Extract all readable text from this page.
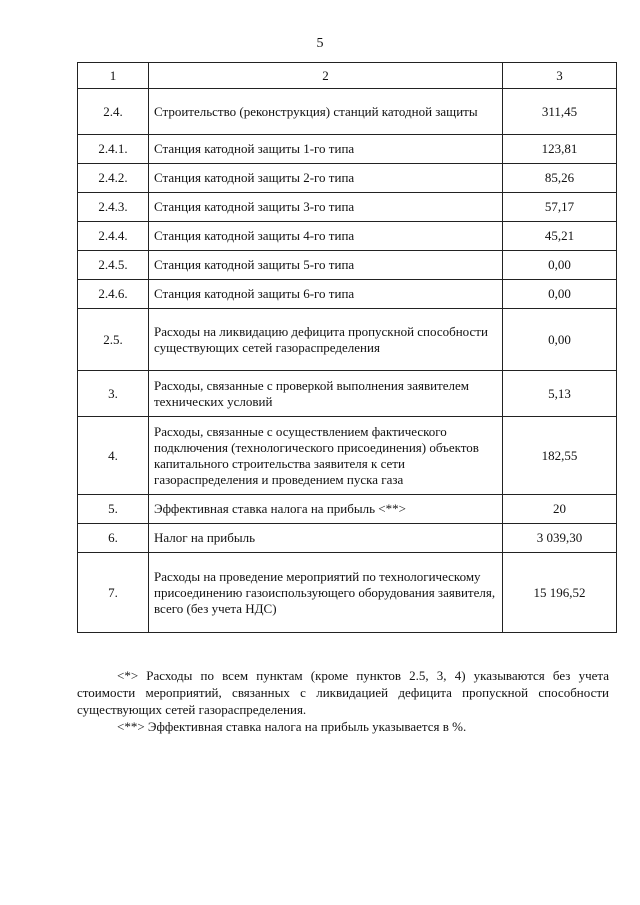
5
1	2	3
2.4.	Строительство (реконструкция) станций катодной защиты	311,45
2.4.1.	Станция катодной защиты 1-го типа	123,81
2.4.2.	Станция катодной защиты 2-го типа	85,26
2.4.3.	Станция катодной защиты 3-го типа	57,17
2.4.4.	Станция катодной защиты 4-го типа	45,21
2.4.5.	Станция катодной защиты 5-го типа	0,00
2.4.6.	Станция катодной защиты 6-го типа	0,00
2.5.	Расходы на ликвидацию дефицита пропускной способности существующих сетей газораспределения	0,00
3.	Расходы, связанные с проверкой выполнения заявителем технических условий	5,13
4.	Расходы, связанные с осуществлением фактического подключения (технологического присоединения) объектов капитального строительства заявителя к сети газораспределения и проведением пуска газа	182,55
5.	Эффективная ставка налога на прибыль <**>	20
6.	Налог на прибыль	3 039,30
7.	Расходы на проведение мероприятий по технологическому присоединению газоиспользующего оборудования заявителя, всего (без учета НДС)	15 196,52

<*> Расходы по всем пунктам (кроме пунктов 2.5, 3, 4) указываются без учета стоимости мероприятий, связанных с ликвидацией дефицита пропускной способности существующих сетей газораспределения.

<**> Эффективная ставка налога на прибыль указывается в %.
